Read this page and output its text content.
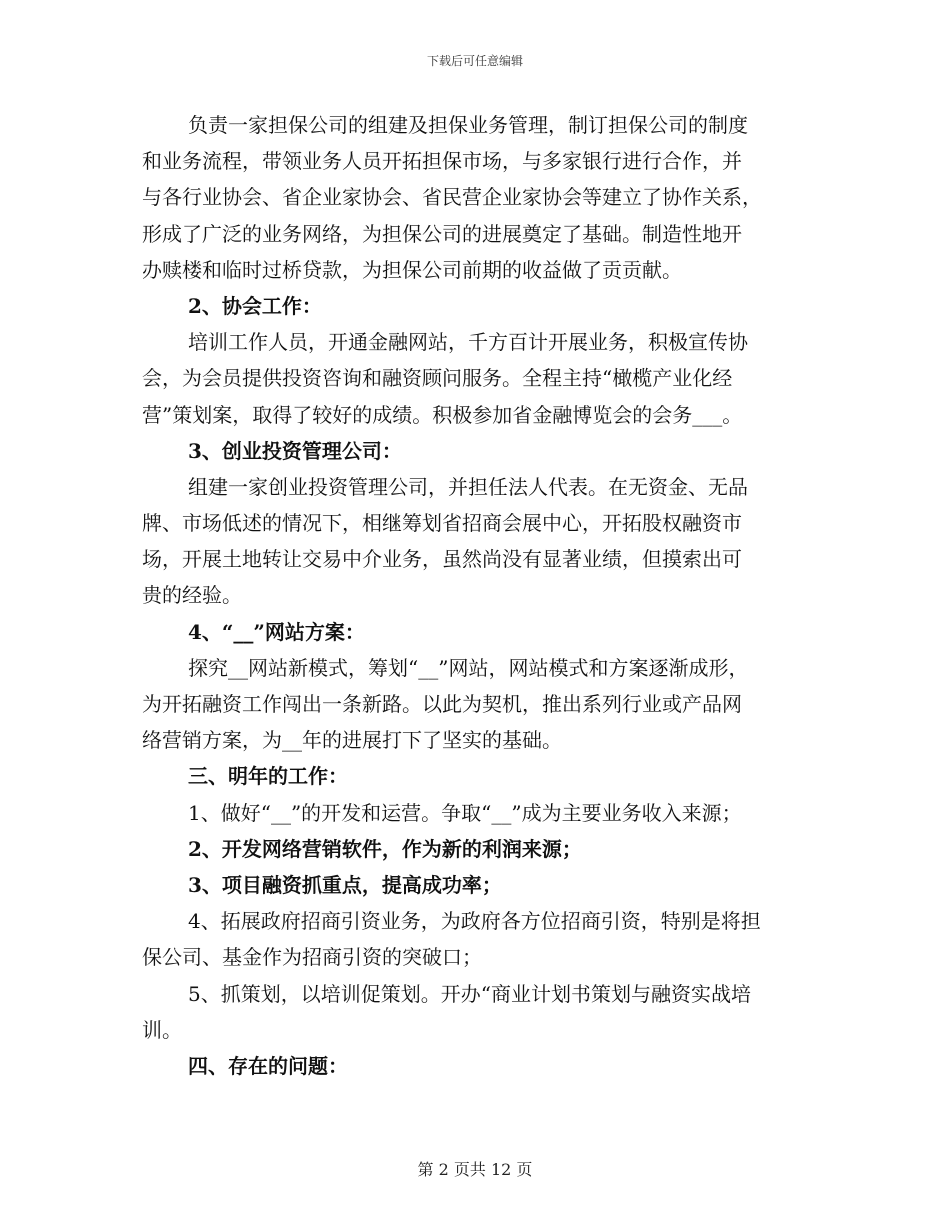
下载后可任意编辑
负责一家担保公司的组建及担保业务管理，制订担保公司的制度
和业务流程，带领业务人员开拓担保市场，与多家银行进行合作，并
与各行业协会、省企业家协会、省民营企业家协会等建立了协作关系，
形成了广泛的业务网络，为担保公司的进展奠定了基础。制造性地开
办赎楼和临时过桥贷款，为担保公司前期的收益做了贡贡献。
2、协会工作：
培训工作人员，开通金融网站，千方百计开展业务，积极宣传协
会，为会员提供投资咨询和融资顾问服务。全程主持“橄榄产业化经
营”策划案，取得了较好的成绩。积极参加省金融博览会的会务___。
3、创业投资管理公司：
组建一家创业投资管理公司，并担任法人代表。在无资金、无品
牌、市场低述的情况下，相继筹划省招商会展中心，开拓股权融资市
场，开展土地转让交易中介业务，虽然尚没有显著业绩，但摸索出可
贵的经验。
4、“__”网站方案：
探究__网站新模式，筹划“__”网站，网站模式和方案逐渐成形，
为开拓融资工作闯出一条新路。以此为契机，推出系列行业或产品网
络营销方案，为__年的进展打下了坚实的基础。
三、明年的工作：
1、做好“__”的开发和运营。争取“__”成为主要业务收入来源；
2、开发网络营销软件，作为新的利润来源；
3、项目融资抓重点，提高成功率；
4、拓展政府招商引资业务，为政府各方位招商引资，特别是将担
保公司、基金作为招商引资的突破口；
5、抓策划，以培训促策划。开办“商业计划书策划与融资实战培
训。
四、存在的问题：
第 2 页共 12 页
